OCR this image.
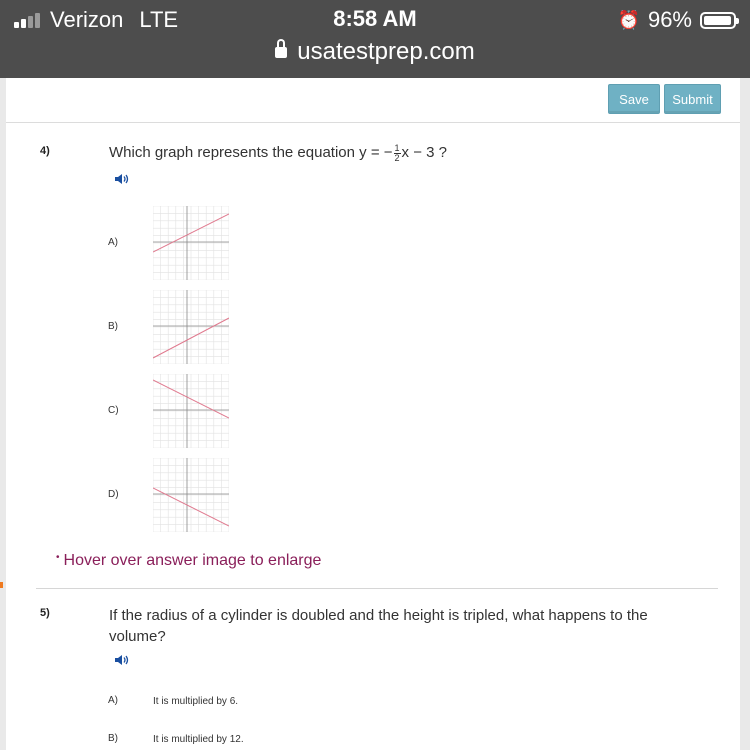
Verizon LTE	8:58 AM	⏰ 96%
usatestprep.com
Save	Submit
4)	Which graph represents the equation y = − $\frac{1}{2}$ x − 3 ?
• Hover over answer image to enlarge
5)	If the radius of a cylinder is doubled and the height is tripled, what happens to the
volume?
A)	It is multiplied by 6.
B)	It is multiplied by 12.
A)
B)
C)
D)
